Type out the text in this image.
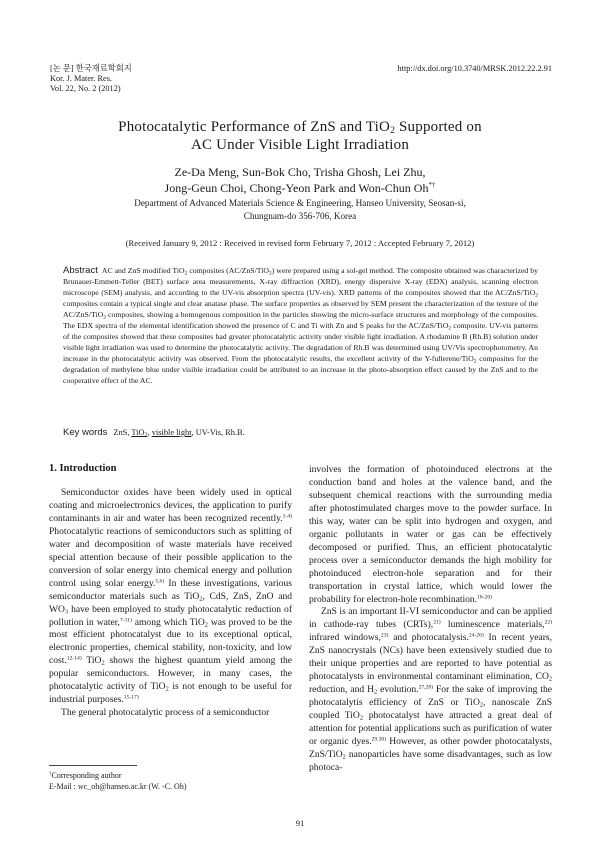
[논 문] 한국재료학회지
Kor. J. Mater. Res.
Vol. 22, No. 2 (2012)
http://dx.doi.org/10.3740/MRSK.2012.22.2.91
Photocatalytic Performance of ZnS and TiO$_2$ Supported on
AC Under Visible Light Irradiation
Ze-Da Meng, Sun-Bok Cho, Trisha Ghosh, Lei Zhu,
Jong-Geun Choi, Chong-Yeon Park and Won-Chun Oh*†
Department of Advanced Materials Science & Engineering, Hanseo University, Seosan-si,
Chungnam-do 356-706, Korea
(Received January 9, 2012 : Received in revised form February 7, 2012 : Accepted February 7, 2012)
Abstract AC and ZnS modified TiO$_2$ composites (AC/ZnS/TiO$_2$) were prepared using a sol-gel method. The composite obtained was characterized by Brunauer-Emmett-Teller (BET) surface area measurements, X-ray diffraction (XRD), energy dispersive X-ray (EDX) analysis, scanning electron microscope (SEM) analysis, and according to the UV-vis absorption spectra (UV-vis). XRD patterns of the composites showed that the AC/ZnS/TiO$_2$ composites contain a typical single and clear anatase phase. The surface properties as observed by SEM present the characterization of the texture of the AC/ZnS/TiO$_2$ composites, showing a homogenous composition in the particles showing the micro-surface structures and morphology of the composites. The EDX spectra of the elemental identification showed the presence of C and Ti with Zn and S peaks for the AC/ZnS/TiO$_2$ composite. UV-vis patterns of the composites showed that these composites had greater photocatalytic activity under visible light irradiation. A rhodamine B (Rh.B) solution under visible light irradiation was used to determine the photocatalytic activity. The degradation of Rh.B was determined using UV/Vis spectrophotometry. An increase in the photocatalytic activity was observed. From the photocatalytic results, the excellent activity of the Y-fullerene/TiO$_2$ composites for the degradation of methylene blue under visible irradiation could be attributed to an increase in the photo-absorption effect caused by the ZnS and to the cooperative effect of the AC.
Key words ZnS, TiO$_2$, visible light, UV-Vis, Rh.B.
1. Introduction

Semiconductor oxides have been widely used in optical coating and microelectronics devices, the application to purify contaminants in air and water has been recognized recently.$^{1-4)}$ Photocatalytic reactions of semiconductors such as splitting of water and decomposition of waste materials have received special attention because of their possible application to the conversion of solar energy into chemical energy and pollution control using solar energy.$^{5,6)}$ In these investigations, various semiconductor materials such as TiO$_2$, CdS, ZnS, ZnO and $WO_3$ have been employed to study photocatalytic reduction of pollution in water,$^{7-11)}$ among which TiO$_2$ was proved to be the most efficient photocatalyst due to its exceptional optical, electronic properties, chemical stability, non-toxicity, and low cost.$^{12-14)}$ TiO$_2$ shows the highest quantum yield among the popular semiconductors. However, in many cases, the photocatalytic activity of TiO$_2$ is not enough to be useful for industrial purposes.$^{15-17)}$

The general photocatalytic process of a semiconductor

involves the formation of photoinduced electrons at the conduction band and holes at the valence band, and the subsequent chemical reactions with the surrounding media after photostimulated charges move to the powder surface. In this way, water can be split into hydrogen and oxygen, and organic pollutants in water or gas can be effectively decomposed or purified. Thus, an efficient photocatalytic process over a semiconductor demands the high mobility for photoinduced electron-hole separation and for their transportation in crystal lattice, which would lower the probability for electron-hole recombination.$^{18-20)}$

ZnS is an important II-VI semiconductor and can be applied in cathode-ray tubes (CRTs),$^{21)}$ luminescence materials,$^{22)}$ infrared windows,$^{23)}$ and photocatalysis.$^{24-26)}$ In recent years, ZnS nanocrystals (NCs) have been extensively studied due to their unique properties and are reported to have potential as photocatalysts in environmental contaminant elimination, $CO_2$ reduction, and $H_2$ evolution.$^{27,28)}$ For the sake of improving the photocatalytis efficiency of ZnS or TiO$_2$, nanoscale ZnS coupled TiO$_2$ photocatalyst have attracted a great deal of attention for potential applications such as purification of water or organic dyes.$^{29,30)}$ However, as other powder photocatalysts, ZnS/TiO$_2$ nanoparticles have some disadvantages, such as low photoca-

†Corresponding author
E-Mail : wc_oh@hanseo.ac.kr (W. -C. Oh)
91
